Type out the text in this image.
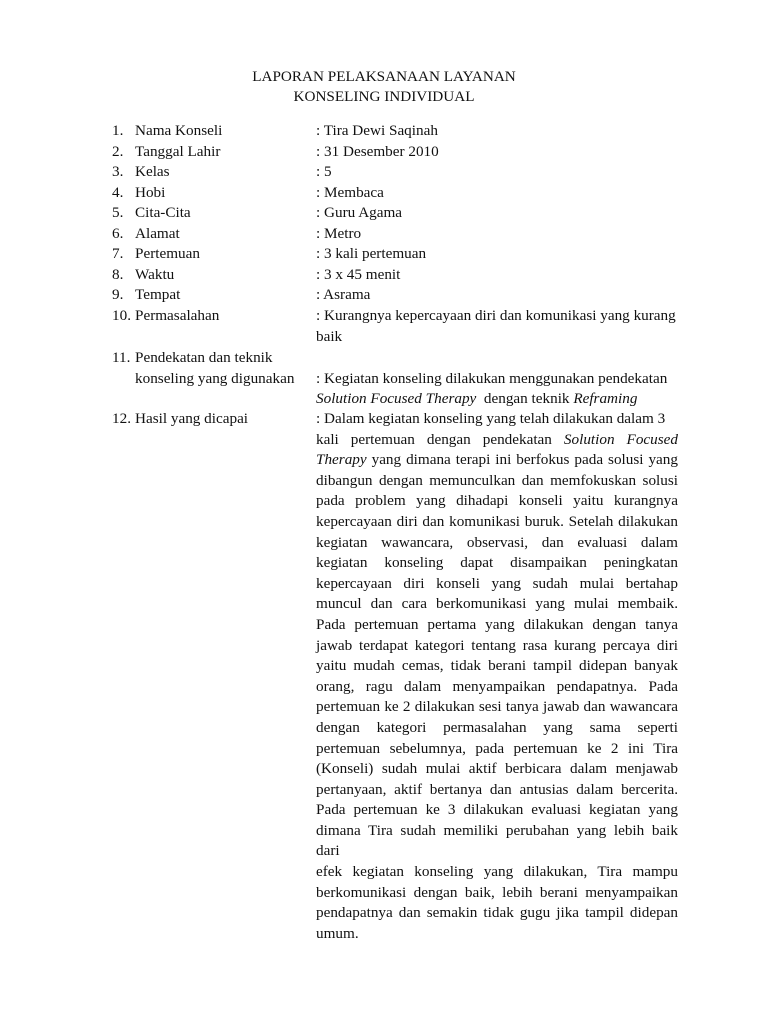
LAPORAN PELAKSANAAN LAYANAN
KONSELING INDIVIDUAL
1. Nama Konseli	: Tira Dewi Saqinah
2. Tanggal Lahir	: 31 Desember 2010
3. Kelas	: 5
4. Hobi	: Membaca
5. Cita-Cita	: Guru Agama
6. Alamat	: Metro
7. Pertemuan	: 3 kali pertemuan
8. Waktu	: 3 x 45 menit
9. Tempat	: Asrama
10. Permasalahan	: Kurangnya kepercayaan diri dan komunikasi yang kurang
baik
11. Pendekatan dan teknik
konseling yang digunakan	: Kegiatan konseling dilakukan menggunakan pendekatan
Solution Focused Therapy  dengan teknik Reframing
12. Hasil yang dicapai	: Dalam kegiatan konseling yang telah dilakukan dalam 3
kali pertemuan dengan pendekatan Solution Focused
Therapy yang dimana terapi ini berfokus pada solusi yang
dibangun dengan memunculkan dan memfokuskan solusi
pada problem yang dihadapi konseli yaitu kurangnya
kepercayaan diri dan komunikasi buruk. Setelah dilakukan
kegiatan wawancara, observasi, dan evaluasi dalam
kegiatan konseling dapat disampaikan peningkatan
kepercayaan diri konseli yang sudah mulai bertahap
muncul dan cara berkomunikasi yang mulai membaik.
Pada pertemuan pertama yang dilakukan dengan tanya
jawab terdapat kategori tentang rasa kurang percaya diri
yaitu mudah cemas, tidak berani tampil didepan banyak
orang, ragu dalam menyampaikan pendapatnya. Pada
pertemuan ke 2 dilakukan sesi tanya jawab dan wawancara
dengan kategori permasalahan yang sama seperti
pertemuan sebelumnya, pada pertemuan ke 2 ini Tira
(Konseli) sudah mulai aktif berbicara dalam menjawab
pertanyaan, aktif bertanya dan antusias dalam bercerita.
Pada pertemuan ke 3 dilakukan evaluasi kegiatan yang
dimana Tira sudah memiliki perubahan yang lebih baik dari
efek kegiatan konseling yang dilakukan, Tira mampu
berkomunikasi dengan baik, lebih berani menyampaikan
pendapatnya dan semakin tidak gugu jika tampil didepan
umum.
